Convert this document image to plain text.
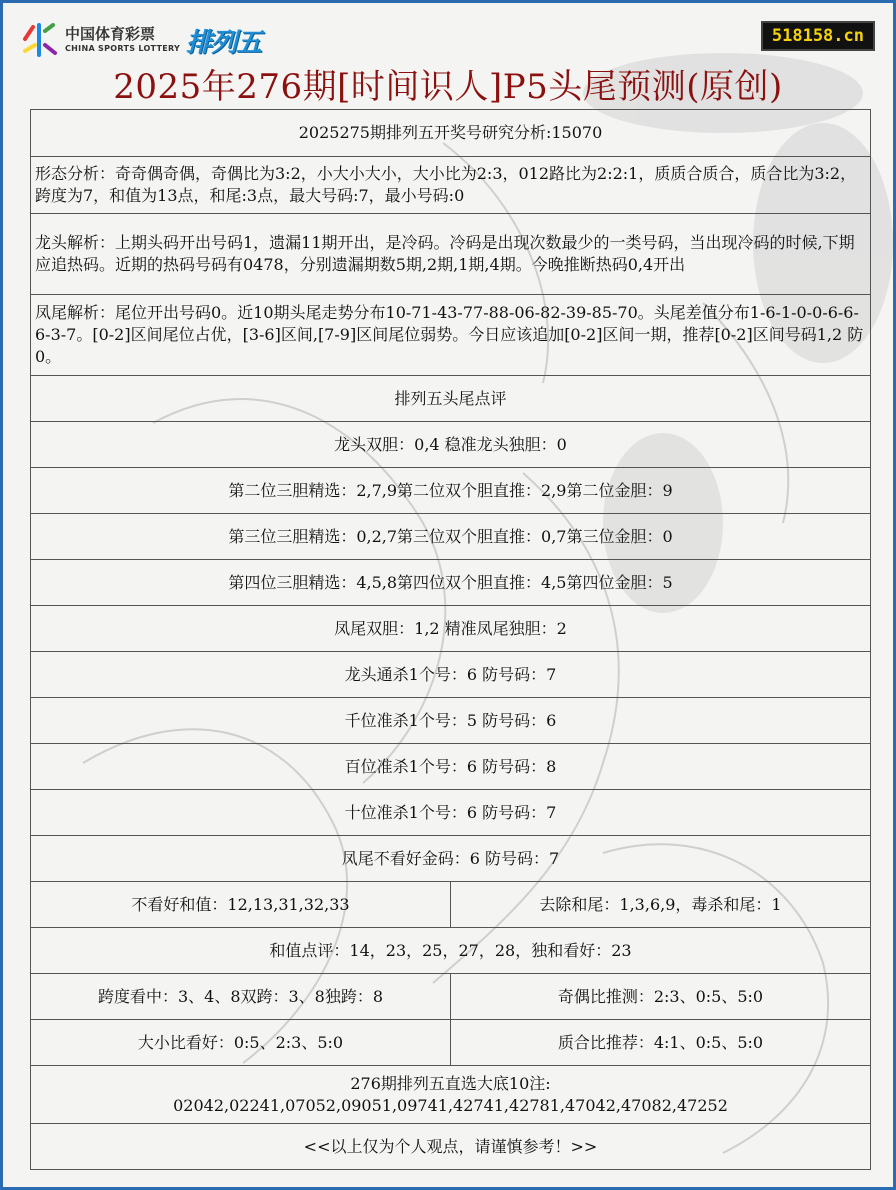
中国体育彩票
CHINA SPORTS LOTTERY 排列五	518158.cn
2025年276期[时间识人]P5头尾预测(原创)
2025275期排列五开奖号研究分析:15070	
形态分析：奇奇偶奇偶，奇偶比为3:2，小大小大小，大小比为2:3，012路比为2:2:1，质质合质合，质合比为3:2，跨度为7，和值为13点，和尾:3点，最大号码:7，最小号码:0	
龙头解析：上期头码开出号码1，遗漏11期开出，是冷码。冷码是出现次数最少的一类号码，当出现冷码的时候,下期应追热码。近期的热码号码有0478，分别遗漏期数5期,2期,1期,4期。今晚推断热码0,4开出	
凤尾解析：尾位开出号码0。近10期头尾走势分布10-71-43-77-88-06-82-39-85-70。头尾差值分布1-6-1-0-0-6-6-6-3-7。[0-2]区间尾位占优，[3-6]区间,[7-9]区间尾位弱势。今日应该追加[0-2]区间一期，推荐[0-2]区间号码1,2 防0。	
排列五头尾点评	
龙头双胆：0,4 稳准龙头独胆：0	
第二位三胆精选：2,7,9第二位双个胆直推：2,9第二位金胆：9	
第三位三胆精选：0,2,7第三位双个胆直推：0,7第三位金胆：0	
第四位三胆精选：4,5,8第四位双个胆直推：4,5第四位金胆：5	
凤尾双胆：1,2 精准凤尾独胆：2	
龙头通杀1个号：6 防号码：7	
千位准杀1个号：5 防号码：6	
百位准杀1个号：6 防号码：8	
十位准杀1个号：6 防号码：7	
凤尾不看好金码：6 防号码：7	
不看好和值：12,13,31,32,33	去除和尾：1,3,6,9，毒杀和尾：1
和值点评：14，23，25，27，28，独和看好：23	
跨度看中：3、4、8双跨：3、8独跨：8	奇偶比推测：2:3、0:5、5:0
大小比看好：0:5、2:3、5:0	质合比推荐：4:1、0:5、5:0

276期排列五直选大底10注:
02042,02241,07052,09051,09741,42741,42781,47042,47082,47252	

<<以上仅为个人观点，请谨慎参考！>>	
